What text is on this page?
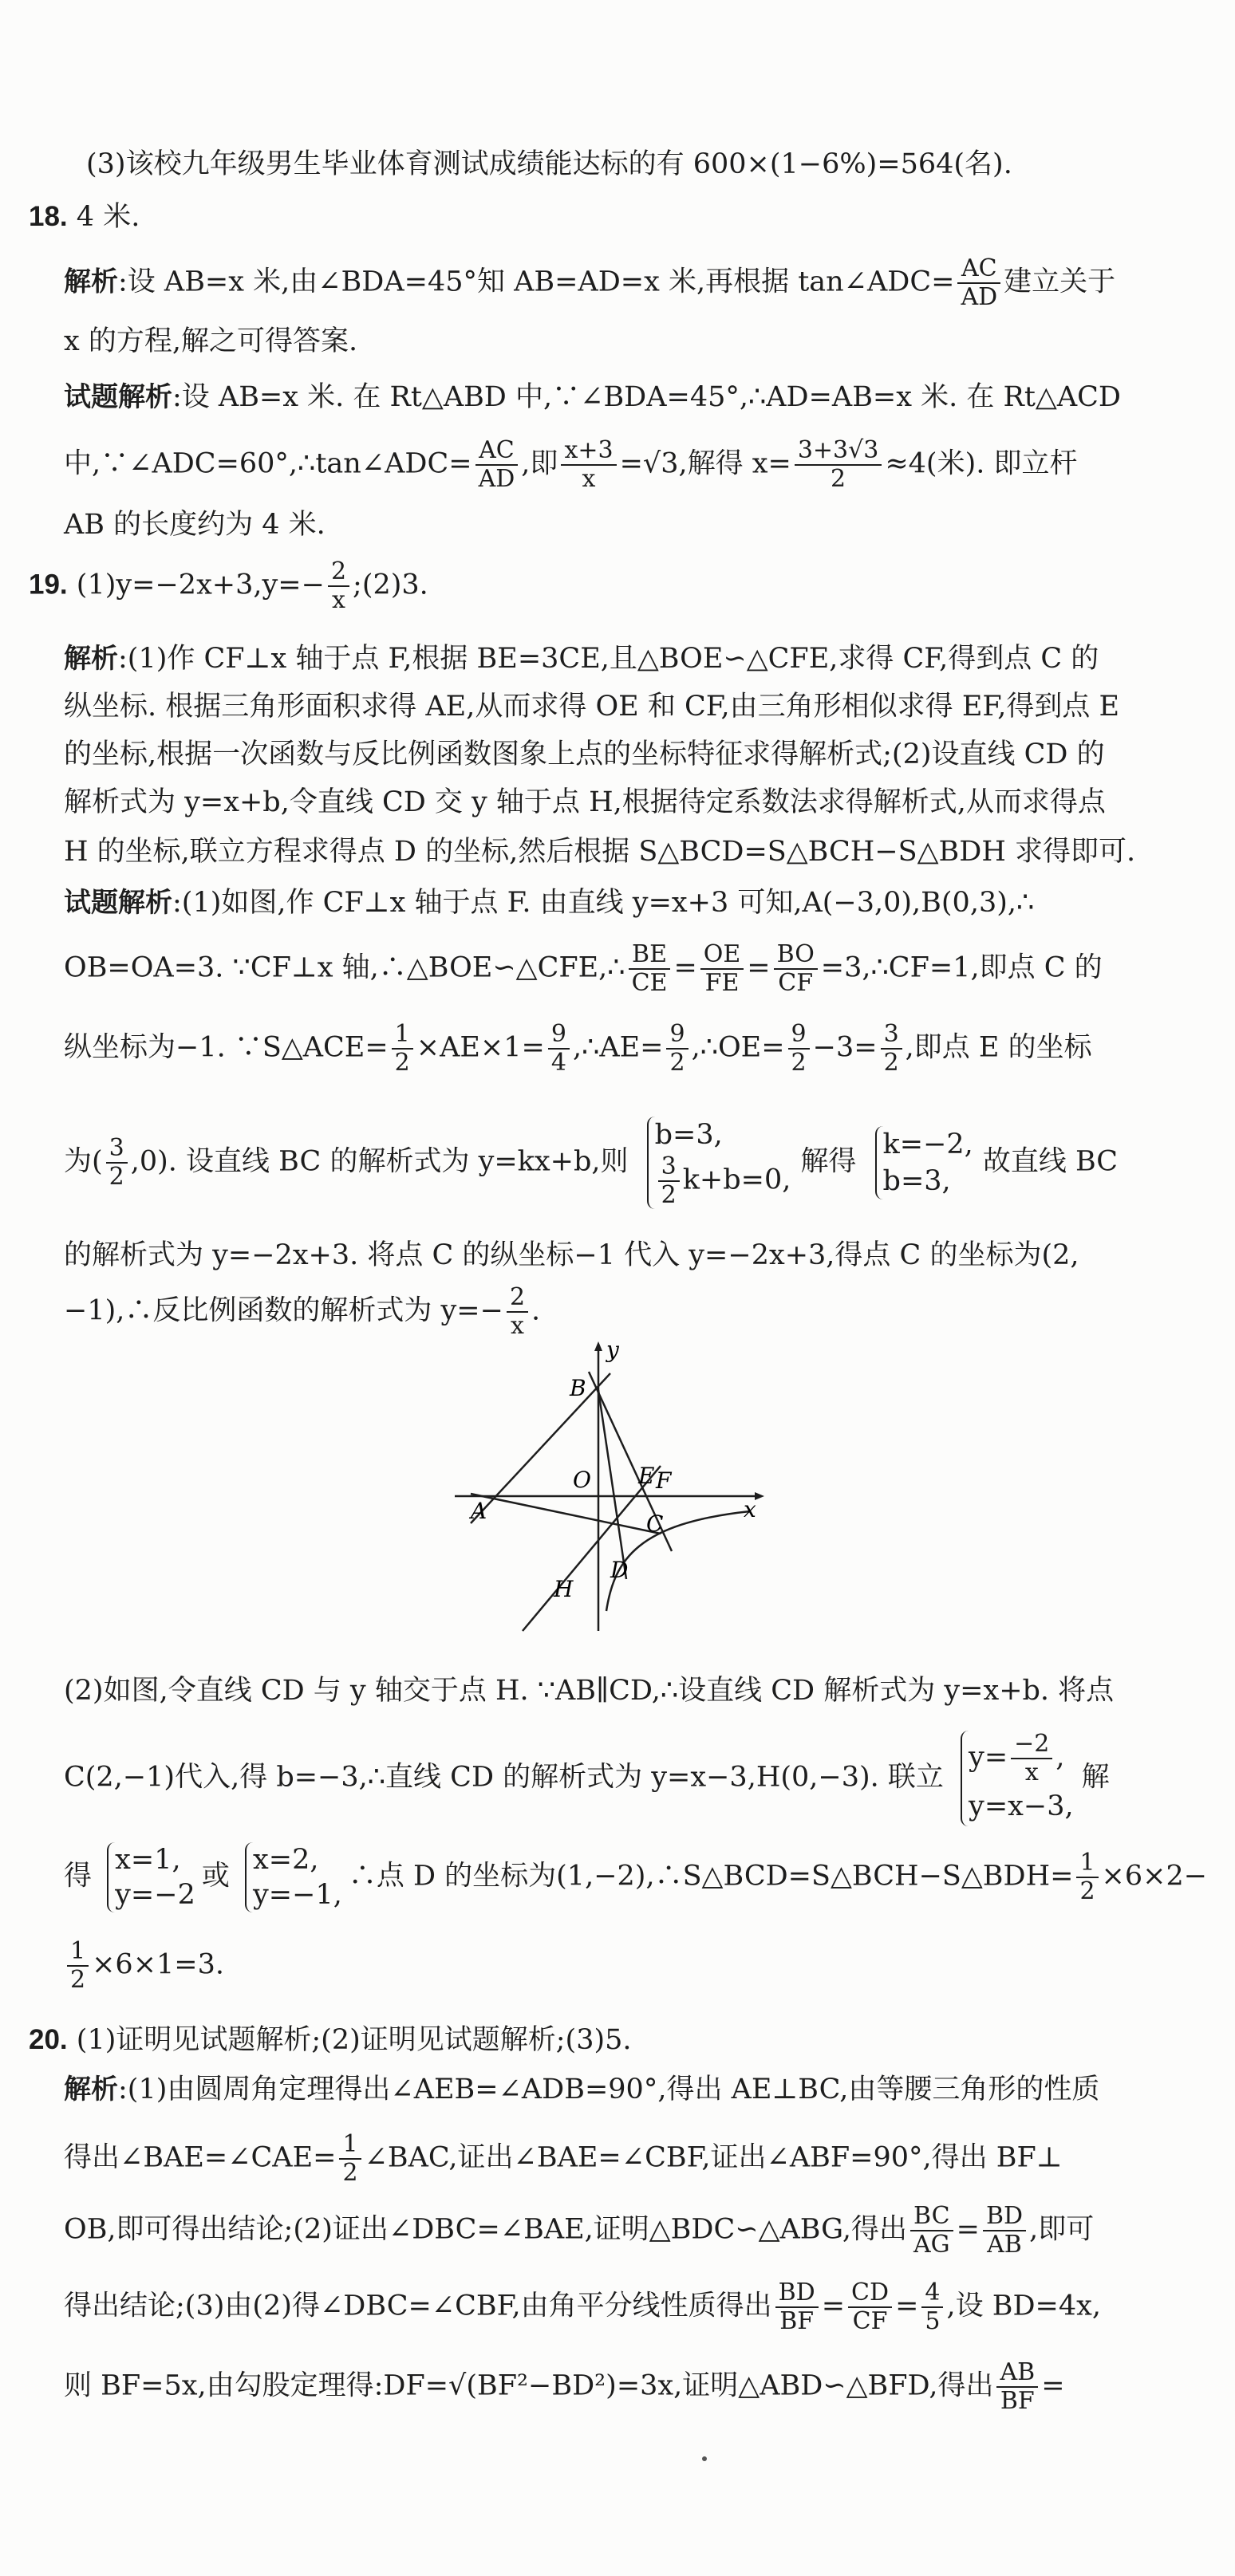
(3)该校九年级男生毕业体育测试成绩能达标的有 600×(1−6%)=564(名).
18. 4 米.
解析:设 AB=x 米,由∠BDA=45°知 AB=AD=x 米,再根据 tan∠ADC= $\frac{AC}{AD}$ 建立关于
x 的方程,解之可得答案.
试题解析:设 AB=x 米. 在 Rt△ABD 中,∵∠BDA=45°,∴AD=AB=x 米. 在 Rt△ACD
中,∵∠ADC=60°,∴tan∠ADC= $\frac{AC}{AD}$ ,即 $\frac{x+3}{x} =√3$,解得 $x= \frac{3+3√3}{2} \approx 4$(米). 即立杆
AB 的长度约为 4 米.
19. $(1)y=-2x+3,y=- \frac{2}{x}$ ;(2)3.
解析:(1)作 CF⊥x 轴于点 F,根据 BE=3CE,且△BOE∽△CFE,求得 CF,得到点 C 的
纵坐标. 根据三角形面积求得 AE,从而求得 OE 和 CF,由三角形相似求得 EF,得到点 E
的坐标,根据一次函数与反比例函数图象上点的坐标特征求得解析式;(2)设直线 CD 的
解析式为 y=x+b,令直线 CD 交 y 轴于点 H,根据待定系数法求得解析式,从而求得点
H 的坐标,联立方程求得点 D 的坐标,然后根据 S△BCD=S△BCH−S△BDH 求得即可.
试题解析:(1)如图,作 CF⊥x 轴于点 F. 由直线 y=x+3 可知,A(−3,0),B(0,3),∴
OB=OA=3. ∵CF⊥x 轴,∴△BOE∽△CFE,∴ $\frac{BE}{CE} = \frac{OE}{FE} = \frac{BO}{CF}$ =3,∴CF=1,即点 C 的
纵坐标为−1. ∵S△ACE= $\frac{1}{2} \times AE\times 1= \frac{9}{4}$ ,∴AE= $\frac{9}{2}$ ,∴OE= $\frac{9}{2} -3= \frac{3}{2}$ ,即点 E 的坐标
为( $\frac{3}{2} ,0$). 设直线 BC 的解析式为 y=kx+b,则
b=3,
$\frac{3}{2} k+b=0$,
解得
k=−2,
b=3,
故直线 BC
的解析式为 y=−2x+3. 将点 C 的纵坐标−1 代入 y=−2x+3,得点 C 的坐标为(2,
−1),∴反比例函数的解析式为 $y=- \frac{2}{x}$ .
y
x
B
O E F
A	C
D
H
(2)如图,令直线 CD 与 y 轴交于点 H. ∵AB∥CD,∴设直线 CD 解析式为 y=x+b. 将点
C(2,−1)代入,得 b=−3,∴直线 CD 的解析式为 y=x−3,H(0,−3). 联立
$y= \frac{-2}{x}$ ,
y=x−3,
解
得
x=1,
y=−2
或
x=2,
y=−1,
∴点 D 的坐标为(1,−2),∴S△BCD=S△BCH−S△BDH= $\frac{1}{2} \times 6\times 2-$
$\frac{1}{2} \times 6\times 1=3$.
20. (1)证明见试题解析;(2)证明见试题解析;(3)5.
解析:(1)由圆周角定理得出∠AEB=∠ADB=90°,得出 AE⊥BC,由等腰三角形的性质
得出∠BAE=∠CAE= $\frac{1}{2}$ ∠BAC,证出∠BAE=∠CBF,证出∠ABF=90°,得出 BF⊥
OB,即可得出结论;(2)证出∠DBC=∠BAE,证明△BDC∽△ABG,得出 $\frac{BC}{AG} = \frac{BD}{AB}$ ,即可
得出结论;(3)由(2)得∠DBC=∠CBF,由角平分线性质得出 $\frac{BD}{BF} = \frac{CD}{CF} = \frac{4}{5}$ ,设 BD=4x,
则 BF=5x,由勾股定理得:DF=√(BF²−BD²)=3x,证明△ABD∽△BFD,得出 $\frac{AB}{BF}$ =
